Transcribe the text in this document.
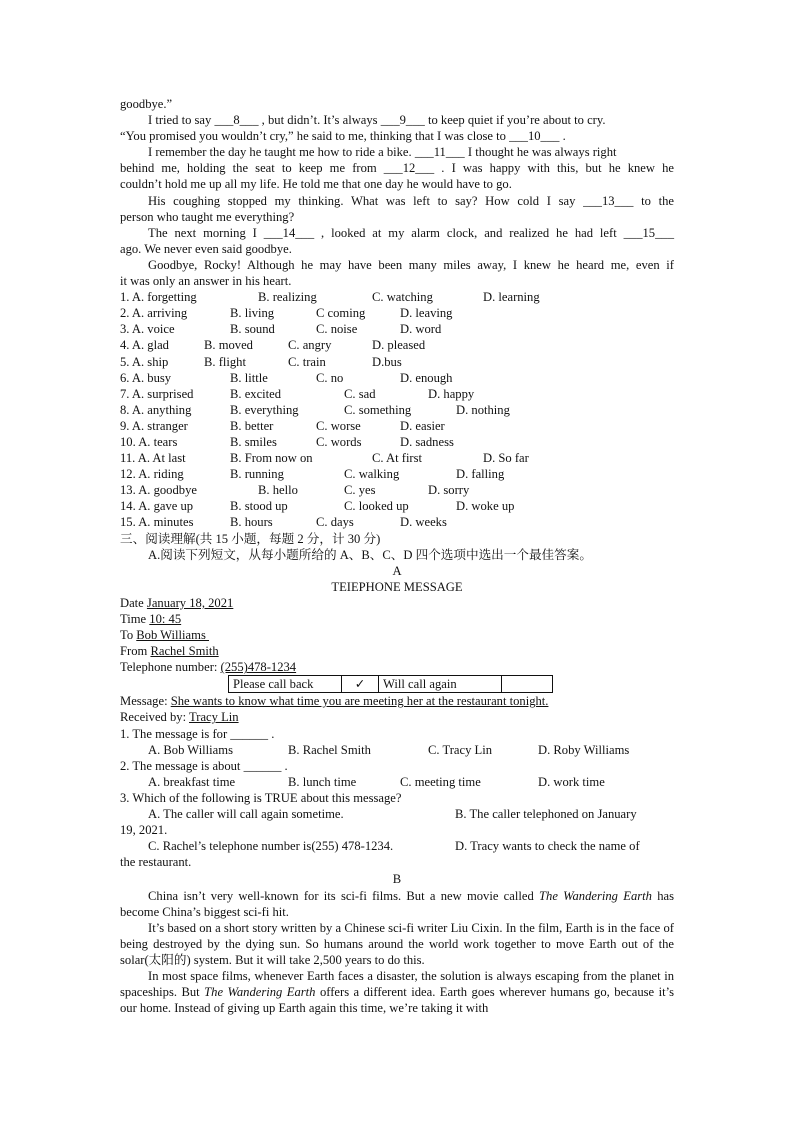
goodbye.”

I tried to say ___8___ , but didn’t. It’s always ___9___ to keep quiet if you’re about to cry.

“You promised you wouldn’t cry,” he said to me, thinking that I was close to ___10___ .

I remember the day he taught me how to ride a bike. ___11___ I thought he was always right

behind me, holding the seat to keep me from ___12___ . I was happy with this, but he knew he

couldn’t hold me up all my life. He told me that one day he would have to go.

His coughing stopped my thinking. What was left to say? How cold I say ___13___ to the

person who taught me everything?

The next morning I ___14___ , looked at my alarm clock, and realized he had left ___15___

ago. We never even said goodbye.

Goodbye, Rocky! Although he may have been many miles away, I knew he heard me, even if

it was only an answer in his heart.

1. A. forgetting	B. realizing	C. watching	D. learning
2. A. arriving	B. living	C coming	D. leaving
3. A. voice	B. sound	C. noise	D. word
4. A. glad	B. moved	C. angry	D. pleased
5. A. ship	B. flight	C. train	D.bus
6. A. busy	B. little	C. no	D. enough
7. A. surprised	B. excited	C. sad	D. happy
8. A. anything	B. everything	C. something	D. nothing
9. A. stranger	B. better	C. worse	D. easier
10. A. tears	B. smiles	C. words	D. sadness
11. A. At last	B. From now on	C. At first	D. So far
12. A. riding	B. running	C. walking	D. falling
13. A. goodbye	B. hello	C. yes	D. sorry
14. A. gave up	B. stood up	C. looked up	D. woke up
15. A. minutes	B. hours	C. days	D. weeks

三、阅读理解(共 15 小题，每题 2 分，计 30 分)

A.阅读下列短文，从每小题所给的 A、B、C、D 四个选项中选出一个最佳答案。

A

TEIEPHONE MESSAGE

Date January 18, 2021

Time 10: 45

To Bob Williams

From Rachel Smith

Telephone number: (255)478-1234

Please call back	✓	Will call again	

Message: She wants to know what time you are meeting her at the restaurant tonight.

Received by: Tracy Lin

1. The message is for ______ .

A. Bob Williams	B. Rachel Smith	C. Tracy Lin	D. Roby Williams

2. The message is about ______ .

A. breakfast time	B. lunch time	C. meeting time	D. work time

3. Which of the following is TRUE about this message?

A. The caller will call again sometime.	B. The caller telephoned on January

19, 2021.

C. Rachel’s telephone number is(255) 478-1234.	D. Tracy wants to check the name of

the restaurant.

B

China isn’t very well-known for its sci-fi films. But a new movie called The Wandering Earth has become China’s biggest sci-fi hit.

It’s based on a short story written by a Chinese sci-fi writer Liu Cixin. In the film, Earth is in the face of being destroyed by the dying sun. So humans around the world work together to move Earth out of the solar(太阳的) system. But it will take 2,500 years to do this.

In most space films, whenever Earth faces a disaster, the solution is always escaping from the planet in spaceships. But The Wandering Earth offers a different idea. Earth goes wherever humans go, because it’s our home. Instead of giving up Earth again this time, we’re taking it with
